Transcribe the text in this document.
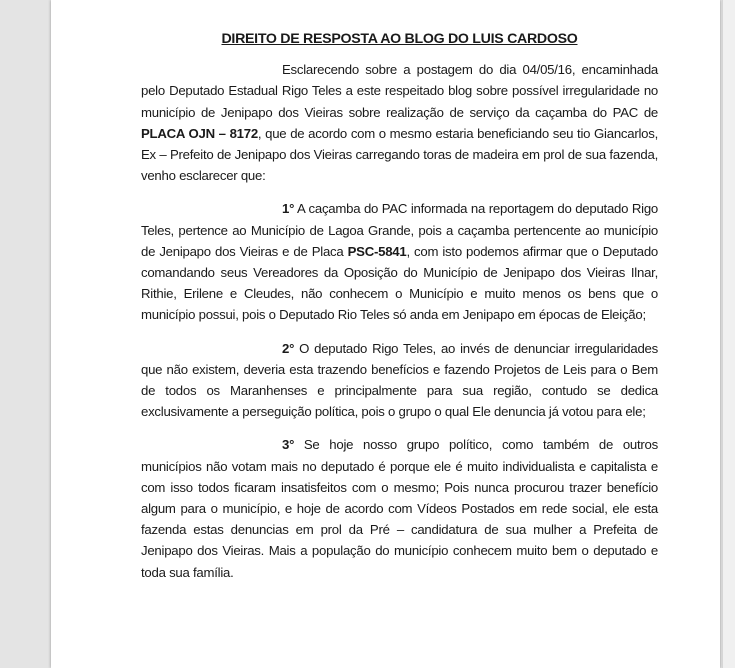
DIREITO DE RESPOSTA AO BLOG DO LUIS CARDOSO
Esclarecendo sobre a postagem do dia 04/05/16, encaminhada pelo Deputado Estadual Rigo Teles a este respeitado blog sobre possível irregularidade no município de Jenipapo dos Vieiras sobre realização de serviço da caçamba do PAC de PLACA OJN – 8172, que de acordo com o mesmo estaria beneficiando seu tio Giancarlos, Ex – Prefeito de Jenipapo dos Vieiras carregando toras de madeira em prol de sua fazenda, venho esclarecer que:
1° A caçamba do PAC informada na reportagem do deputado Rigo Teles, pertence ao Município de Lagoa Grande, pois a caçamba pertencente ao município de Jenipapo dos Vieiras e de Placa PSC-5841, com isto podemos afirmar que o Deputado comandando seus Vereadores da Oposição do Município de Jenipapo dos Vieiras Ilnar, Rithie, Erilene e Cleudes, não conhecem o Município e muito menos os bens que o município possui, pois o Deputado Rio Teles só anda em Jenipapo em épocas de Eleição;
2° O deputado Rigo Teles, ao invés de denunciar irregularidades que não existem, deveria esta trazendo benefícios e fazendo Projetos de Leis para o Bem de todos os Maranhenses e principalmente para sua região, contudo se dedica exclusivamente a perseguição política, pois o grupo o qual Ele denuncia já votou para ele;
3° Se hoje nosso grupo político, como também de outros municípios não votam mais no deputado é porque ele é muito individualista e capitalista e com isso todos ficaram insatisfeitos com o mesmo; Pois nunca procurou trazer benefício algum para o município, e hoje de acordo com Vídeos Postados em rede social, ele esta fazenda estas denuncias em prol da Pré – candidatura de sua mulher a Prefeita de Jenipapo dos Vieiras. Mais a população do município conhecem muito bem o deputado e toda sua família.
